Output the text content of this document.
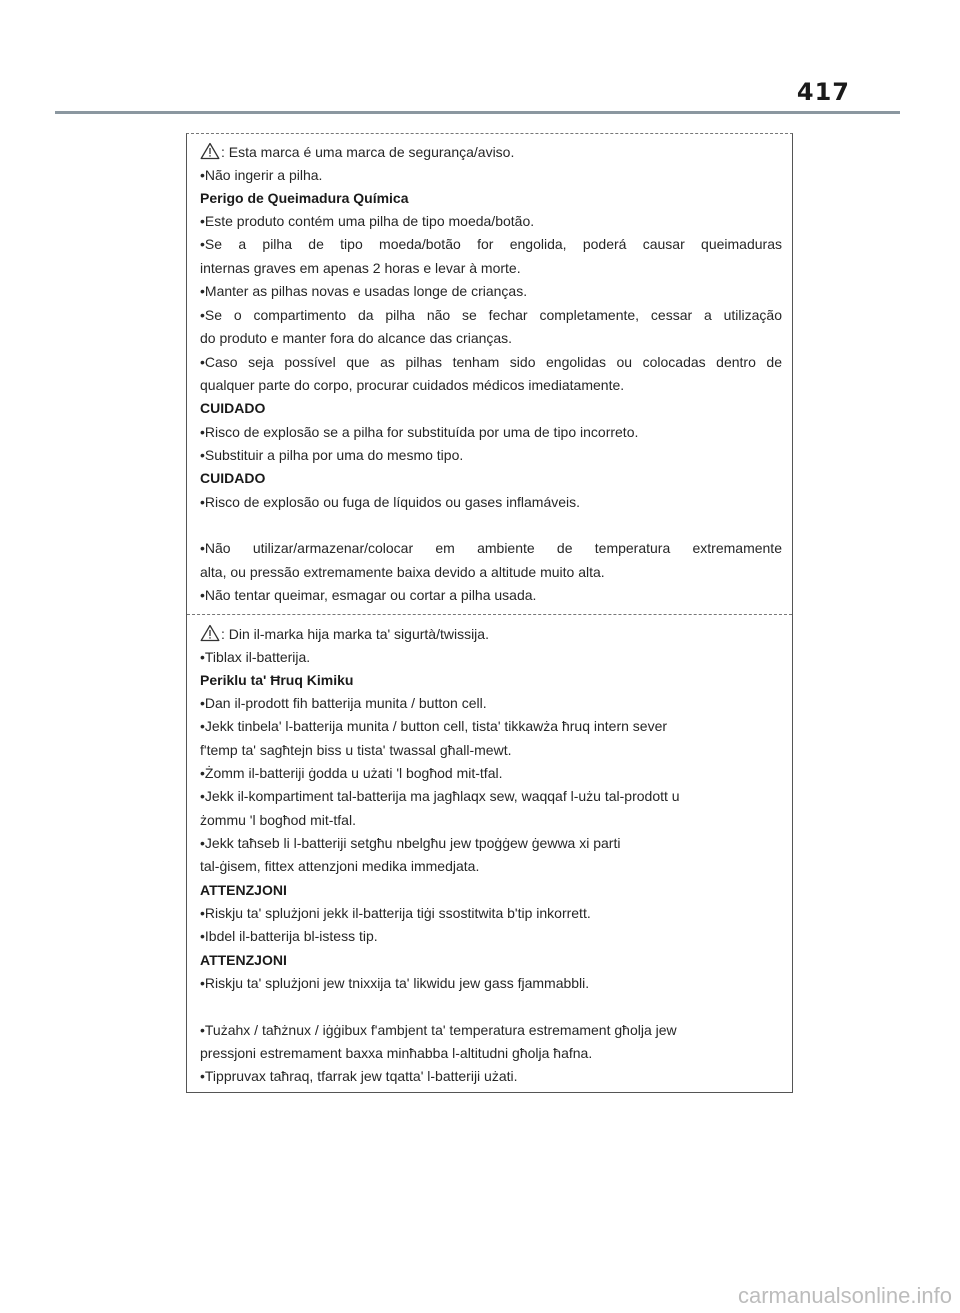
417
: Esta marca é uma marca de segurança/aviso.
•Não ingerir a pilha.
Perigo de Queimadura Química
•Este produto contém uma pilha de tipo moeda/botão.
•Se a pilha de tipo moeda/botão for engolida, poderá causar queimaduras
internas graves em apenas 2 horas e levar à morte.
•Manter as pilhas novas e usadas longe de crianças.
•Se o compartimento da pilha não se fechar completamente, cessar a utilização
do produto e manter fora do alcance das crianças.
•Caso seja possível que as pilhas tenham sido engolidas ou colocadas dentro de
qualquer parte do corpo, procurar cuidados médicos imediatamente.
CUIDADO
•Risco de explosão se a pilha for substituída por uma de tipo incorreto.
•Substituir a pilha por uma do mesmo tipo.
CUIDADO
•Risco de explosão ou fuga de líquidos ou gases inflamáveis.
•Não utilizar/armazenar/colocar em ambiente de temperatura extremamente
alta, ou pressão extremamente baixa devido a altitude muito alta.
•Não tentar queimar, esmagar ou cortar a pilha usada.
: Din il-marka hija marka ta' sigurtà/twissija.
•Tiblax il-batterija.
Periklu ta' Ħruq Kimiku
•Dan il-prodott fih batterija munita / button cell.
•Jekk tinbela' l-batterija munita / button cell, tista' tikkawża ħruq intern sever
f'temp ta' sagħtejn biss u tista' twassal għall-mewt.
•Żomm il-batteriji ġodda u użati 'l bogħod mit-tfal.
•Jekk il-kompartiment tal-batterija ma jagħlaqx sew, waqqaf l-użu tal-prodott u
żommu 'l bogħod mit-tfal.
•Jekk taħseb li l-batteriji setgħu nbelgħu jew tpoġġew ġewwa xi parti
tal-ġisem, fittex attenzjoni medika immedjata.
ATTENZJONI
•Riskju ta' splużjoni jekk il-batterija tiġi ssostitwita b'tip inkorrett.
•Ibdel il-batterija bl-istess tip.
ATTENZJONI
•Riskju ta' splużjoni jew tnixxija ta' likwidu jew gass fjammabbli.
•Tużahx / taħżnux / iġġibux f'ambjent ta' temperatura estremament għolja jew
pressjoni estremament baxxa minħabba l-altitudni għolja ħafna.
•Tippruvax taħraq, tfarrak jew tqatta' l-batteriji użati.
carmanualsonline.info
